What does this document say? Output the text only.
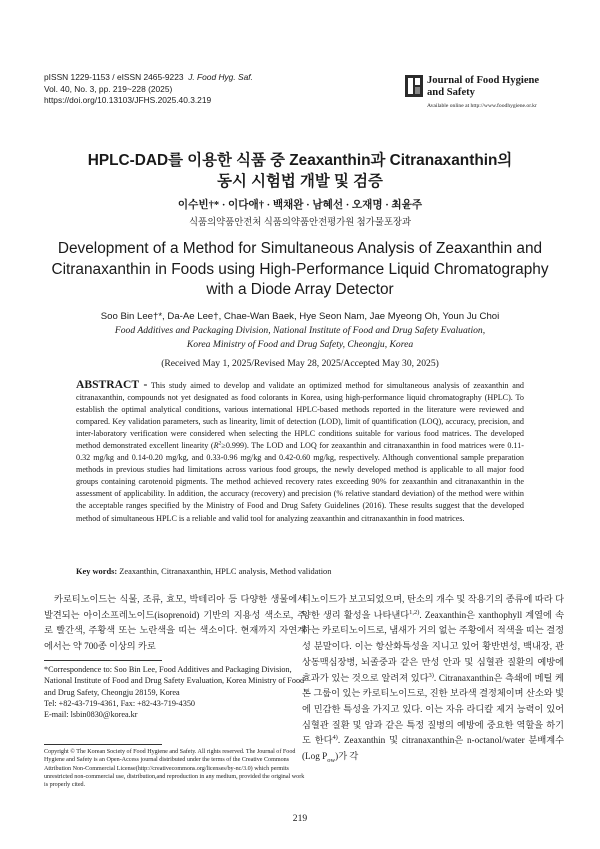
pISSN 1229-1153 / eISSN 2465-9223 J. Food Hyg. Saf.
Vol. 40, No. 3, pp. 219~228 (2025)
https://doi.org/10.13103/JFHS.2025.40.3.219
Journal of Food Hygiene
and Safety
Available online at http://www.foodhygiene.or.kr
HPLC-DAD를 이용한 식품 중 Zeaxanthin과 Citranaxanthin의
동시 시험법 개발 및 검증
이수빈†* · 이다애† · 백채완 · 남혜선 · 오재명 · 최윤주
식품의약품안전처 식품의약품안전평가원 첨가물포장과
Development of a Method for Simultaneous Analysis of Zeaxanthin and
Citranaxanthin in Foods using High-Performance Liquid Chromatography
with a Diode Array Detector
Soo Bin Lee†*, Da-Ae Lee†, Chae-Wan Baek, Hye Seon Nam, Jae Myeong Oh, Youn Ju Choi
Food Additives and Packaging Division, National Institute of Food and Drug Safety Evaluation,
Korea Ministry of Food and Drug Safety, Cheongju, Korea
(Received May 1, 2025/Revised May 28, 2025/Accepted May 30, 2025)
ABSTRACT - This study aimed to develop and validate an optimized method for simultaneous analysis of zeaxanthin and citranaxanthin, compounds not yet designated as food colorants in Korea, using high-performance liquid chromatography (HPLC). To establish the optimal analytical conditions, various international HPLC-based methods reported in the literature were reviewed and compared. Key validation parameters, such as linearity, limit of detection (LOD), limit of quantification (LOQ), accuracy, precision, and inter-laboratory verification were considered when selecting the HPLC conditions suitable for various food matrices. The developed method demonstrated excellent linearity $(R^2\ge 0.999)$. The LOD and LOQ for zeaxanthin and citranaxanthin in food matrices were 0.11-0.32 mg/kg and 0.14-0.20 mg/kg, and 0.33-0.96 mg/kg and 0.42-0.60 mg/kg, respectively. Although conventional sample preparation methods in previous studies had limitations across various food groups, the newly developed method is applicable to all major food groups containing carotenoid pigments. The method achieved recovery rates exceeding 90% for zeaxanthin and citranaxanthin in the assessment of applicability. In addition, the accuracy (recovery) and precision (% relative standard deviation) of the method were within the acceptable ranges specified by the Ministry of Food and Drug Safety Guidelines (2016). These results suggest that the developed method of simultaneous HPLC is a reliable and valid tool for analyzing zeaxanthin and citranaxanthin in food matrices.
Key words: Zeaxanthin, Citranaxanthin, HPLC analysis, Method validation

카로티노이드는 식물, 조류, 효모, 박테리아 등 다양한 생물에서 발견되는 아이소프레노이드(isoprenoid) 기반의 지용성 색소로, 주로 빨간색, 주황색 또는 노란색을 띠는 색소이다. 현재까지 자연계에서는 약 700종 이상의 카로

*Correspondence to: Soo Bin Lee, Food Additives and Packaging Division, National Institute of Food and Drug Safety Evaluation, Korea Ministry of Food and Drug Safety, Cheongju 28159, Korea
Tel: +82-43-719-4361, Fax: +82-43-719-4350
E-mail: lsbin0830@korea.kr
Copyright © The Korean Society of Food Hygiene and Safety. All rights reserved. The Journal of Food Hygiene and Safety is an Open-Access journal distributed under the terms of the Creative Commons Attribution Non-Commercial License(http://creativecommons.org/licenses/by-nc/3.0) which permits unrestricted non-commercial use, distribution,and reproduction in any medium, provided the original work is properly cited.

티노이드가 보고되었으며, 탄소의 개수 및 작용기의 종류에 따라 다양한 생리 활성을 나타낸다$^{1,2)}$. Zeaxanthin은 xanthophyll 계열에 속하는 카로티노이드로, 냄새가 거의 없는 주황에서 적색을 띠는 결정성 분말이다. 이는 항산화특성을 지니고 있어 황반변성, 백내장, 관상동맥심장병, 뇌졸중과 같은 만성 안과 및 심혈관 질환의 예방에 효과가 있는 것으로 알려져 있다$^{3)}$. Citranaxanthin은 측쇄에 메틸 케톤 그룹이 있는 카로티노이드로, 진한 보라색 결정체이며 산소와 빛에 민감한 특성을 가지고 있다. 이는 자유 라디칼 제거 능력이 있어 심혈관 질환 및 암과 같은 특정 질병의 예방에 중요한 역할을 하기도 한다$^{4)}$. Zeaxanthin 및 citranaxanthin은 n-octanol/water 분배계수(Log $P_{ow}$)가 각

219
